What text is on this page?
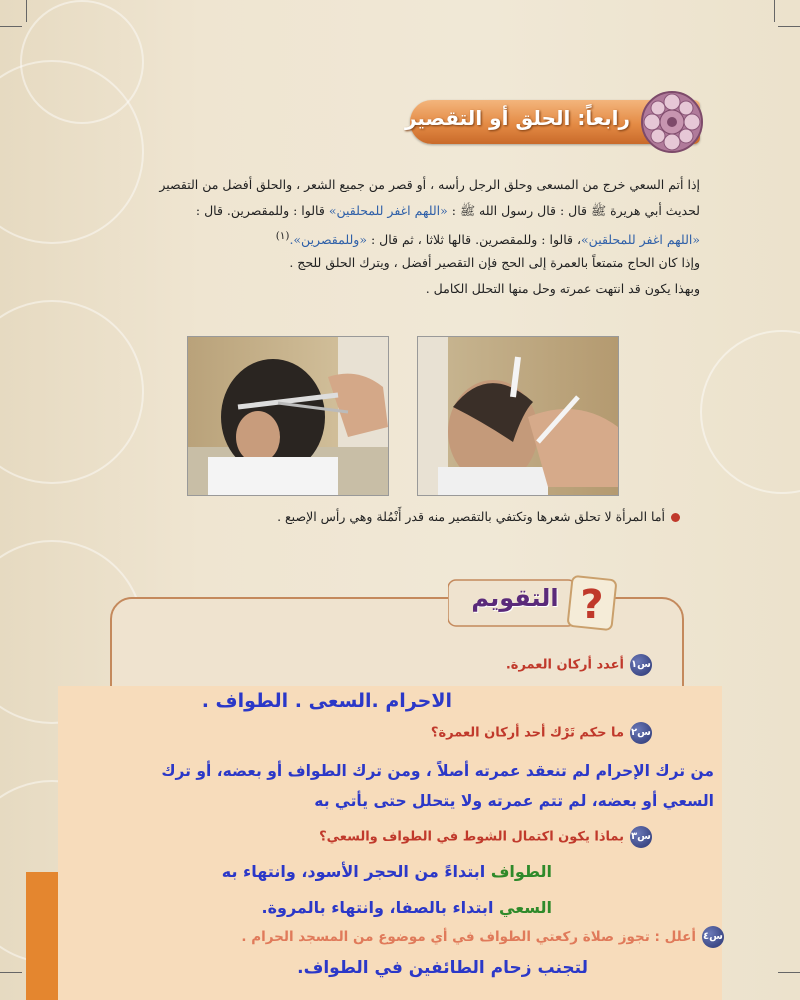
رابعاً: الحلق أو التقصير
إذا أتم السعي خرج من المسعى وحلق الرجل رأسه ، أو قصر من جميع الشعر ، والحلق أفضل من التقصير
لحديث أبي هريرة ﷺ قال : قال رسول الله ﷺ : «اللهم اغفر للمحلقين» قالوا : وللمقصرين. قال :
«اللهم اغفر للمحلقين»، قالوا : وللمقصرين. قالها ثلاثا ، ثم قال : «وللمقصرين».$^{(١)}$
وإذا كان الحاج متمتعاً بالعمرة إلى الحج فإن التقصير أفضل ، ويترك الحلق للحج .
وبهذا يكون قد انتهت عمرته وحل منها التحلل الكامل .
أما المرأة لا تحلق شعرها وتكتفي بالتقصير منه قدر أَنْمُلة وهي رأس الإصبع .
?
التقويم
س١أعدد أركان العمرة.
الاحرام .السعى . الطواف .
س٢ما حكم تَرْك أحد أركان العمرة؟
من ترك الإحرام لم تنعقد عمرته أصلاً ، ومن ترك الطواف أو بعضه، أو ترك
السعي أو بعضه، لم تتم عمرته ولا يتحلل حتى يأتي به
س٣بماذا يكون اكتمال الشوط في الطواف والسعي؟
الطواف ابتداءً من الحجر الأسود، وانتهاء به
السعي ابتداء بالصفا، وانتهاء بالمروة.
س٤أعلل : تجوز صلاة ركعتي الطواف في أي موضوع من المسجد الحرام .
لتجنب زحام الطائفين في الطواف.
